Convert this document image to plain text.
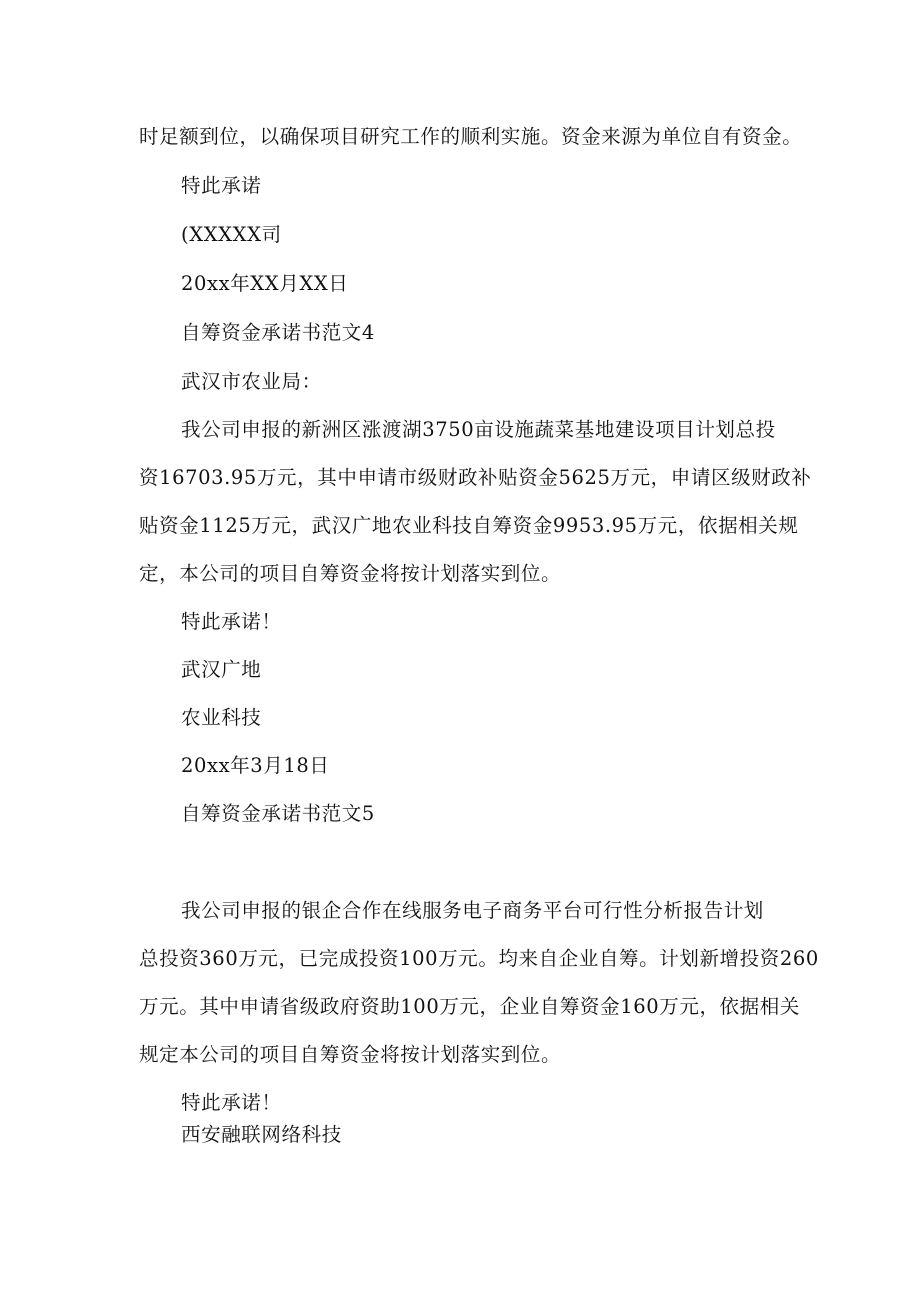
时足额到位，以确保项目研究工作的顺利实施。资金来源为单位自有资金。

特此承诺

(XXXXX司

20xx年XX月XX日

自筹资金承诺书范文4

武汉市农业局：

我公司申报的新洲区涨渡湖3750亩设施蔬菜基地建设项目计划总投

资16703.95万元，其中申请市级财政补贴资金5625万元，申请区级财政补

贴资金1125万元，武汉广地农业科技自筹资金9953.95万元，依据相关规

定，本公司的项目自筹资金将按计划落实到位。

特此承诺！

武汉广地

农业科技

20xx年3月18日

自筹资金承诺书范文5

我公司申报的银企合作在线服务电子商务平台可行性分析报告计划

总投资360万元，已完成投资100万元。均来自企业自筹。计划新增投资260

万元。其中申请省级政府资助100万元，企业自筹资金160万元，依据相关

规定本公司的项目自筹资金将按计划落实到位。

特此承诺！

西安融联网络科技
